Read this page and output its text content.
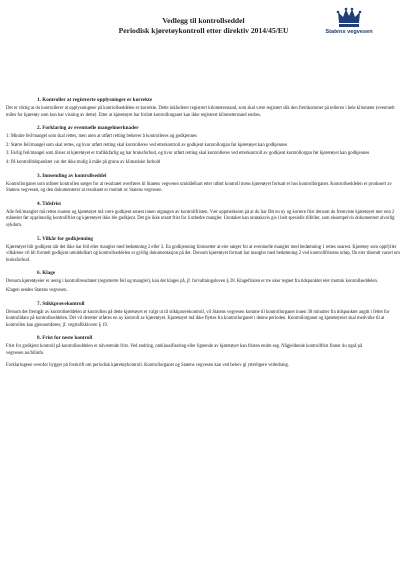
Vedlegg til kontrollseddel
Periodisk kjøretøykontroll etter direktiv 2014/45/EU	Statens vegvesen
1. Kontroller at registrerte opplysninger er korrekte
Det er viktig at du kontrollerer at opplysningene på kontrollseddelen er korrekte. Dette inkluderer registrert kilometerstand, som skal være registert slik den fremkommer på telleren i hele kilometer (eventuelt miles for kjøretøy som kun har visning av dette). Etter at kjøretøyet har forlatt kontrollorganet kan ikke registrert kilometerstand endres.
2. Forklaring av eventuelle mangelmerknader
1: Mindre feil/mangel som skal rettes, men uten at utført retting behøver å kontrolleres og godkjennes
2: Større feil/mangel som skal rettes, og hvor utført retting skal kontrolleres ved etterkontroll av godkjent kontrollorgan før kjøretøyet kan godkjennes
3: Farlig feil/mangel som tilsier at kjøretøyet er trafikkfarlig og har bruksforbud, og hvor utført retting skal kontrolleres ved etterkontroll av godkjent kontrollorgan før kjøretøyet kan godkjennes
4: På kontrolltidspunktet var det ikke mulig å måle på grunn av klimatiske forhold
3. Innsending av kontrollseddel
Kontrollorganet som utfører kontrollen sørger for at resultatet overføres til Statens vegvesen umiddelbart etter utført kontroll mens kjøretøyet fortsatt er hos kontrollorganet. Kontrollseddelen er produsert av Statens vegvesen, og den dokumenterer at resultatet er mottatt av Statens vegvesen.
4. Tidsfrist
Alle feil/mangler må rettes snarest og kjøretøyet må være godkjent senest innen utgangen av kontrollfristen. Vær oppmerksom på at du har fått en ny og kortere frist dersom du fremviste kjøretøyet mer enn 2 måneder før opprinnelig kontrollfrist og kjøretøyet ikke ble godkjent. Det gis ikke utsatt frist for å utbedre mangler. Unntaket kan unntaksvis gis i helt spesielle tilfeller, som eksempelvis dokumentert alvorlig sykdom.
5. Vilkår for godkjenning
Kjøretøyet blir godkjent når det ikke har feil eller mangler med bedømning 2 eller 3. En godkjenning forutsetter at eier sørger for at eventuelle mangler med bedømning 1 rettes snarest. Kjøretøy som oppfyller vilkårene vil bli formelt godkjent umiddelbart og kontrollseddelen er gyldig dokumentasjon på det. Dersom kjøretøyet fortsatt har mangler med bedømning 2 ved kontrollfristens utløp, får eier tilsendt varsel om bruksforbud.
6. Klage
Dersom kjøretøyeier er uenig i kontrollresultatet (registrerte feil og mangler), kan det klages på, jf. forvaltningsloven § 28. Klagefristen er tre uker regnet fra tidspunktet eier mottok kontrollseddelen.
Klagen sendes Statens vegvesen.
7. Stikkprøvekontroll
Dersom det fremgår av kontrollseddelen at kontrollen på dette kjøretøyet er valgt ut til stikkprøvekontroll, vil Statens vegvesen komme til kontrollorganet innen 30 minutter fra tidspunktet angitt i feltet for kontrolldato på kontrollseddelen. Det vil deretter utføres en ny kontroll av kjøretøyet. Kjøretøyet må ikke flyttes fra kontrollorganet i denne perioden. Kontrollorganet og kjøretøyeier skal medvirke til at kontrollen kan gjennomføres; jf. vegtrafikkloven § 19.
8. Frist for neste kontroll
Frist for godkjent kontroll på kontrollseddelen er nåværende frist. Ved endring, omklassifisering eller lignende av kjøretøyet kan fristen endre seg. Någjeldende kontrollfrist finner du også på vegvesen.no/bilinfo.
Forklaringene ovenfor bygger på forskrift om periodisk kjøretøykontroll. Kontrollorganet og Statens vegvesen kan ved behov gi ytterligere veiledning.
